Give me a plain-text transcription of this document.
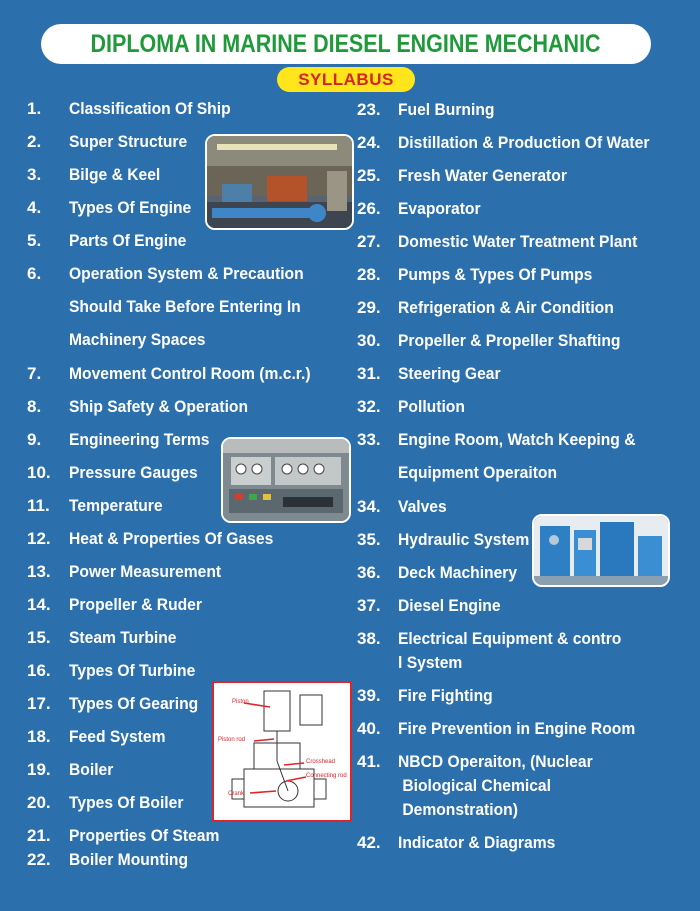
DIPLOMA IN MARINE DIESEL ENGINE MECHANIC
SYLLABUS
1. Classification Of Ship
2. Super Structure
3. Bilge & Keel
4. Types Of Engine
5. Parts Of Engine
6. Operation System & Precaution
Should Take Before Entering In
Machinery Spaces
7. Movement Control Room (m.c.r.)
8. Ship Safety & Operation
9. Engineering Terms
10. Pressure Gauges
11. Temperature
12. Heat & Properties Of Gases
13. Power Measurement
14. Propeller & Ruder
15. Steam Turbine
16. Types Of Turbine
17. Types Of Gearing
18. Feed System
19. Boiler
20. Types Of Boiler
21. Properties Of Steam
22. Boiler Mounting
23. Fuel Burning
24. Distillation & Production Of Water
25. Fresh Water Generator
26. Evaporator
27. Domestic Water Treatment Plant
28. Pumps & Types Of Pumps
29. Refrigeration & Air Condition
30. Propeller & Propeller Shafting
31. Steering Gear
32. Pollution
33. Engine Room, Watch Keeping &
Equipment Operaiton
34. Valves
35. Hydraulic System
36. Deck Machinery
37. Diesel Engine
38. Electrical Equipment & contro
l System
39. Fire Fighting
40. Fire Prevention in Engine Room
41. NBCD Operaiton, (Nuclear
Biological Chemical
Demonstration)
42. Indicator & Diagrams
Piston
Piston rod
Crosshead
Connecting rod
Crank
